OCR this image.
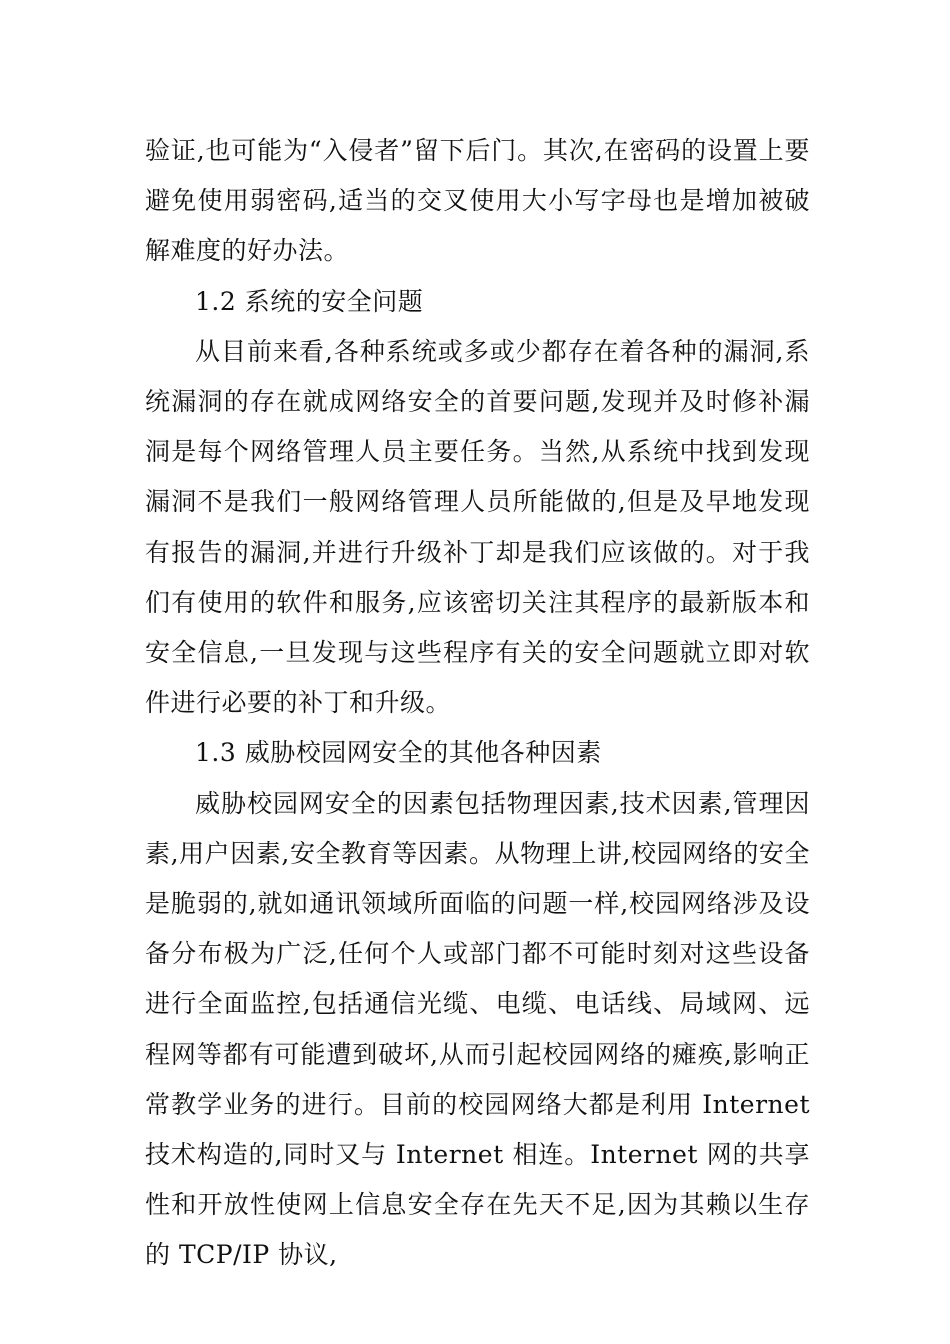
验证,也可能为“入侵者”留下后门。其次,在密码的设置上要避免使用弱密码,适当的交叉使用大小写字母也是增加被破解难度的好办法。

1.2 系统的安全问题

从目前来看,各种系统或多或少都存在着各种的漏洞,系统漏洞的存在就成网络安全的首要问题,发现并及时修补漏洞是每个网络管理人员主要任务。当然,从系统中找到发现漏洞不是我们一般网络管理人员所能做的,但是及早地发现有报告的漏洞,并进行升级补丁却是我们应该做的。对于我们有使用的软件和服务,应该密切关注其程序的最新版本和安全信息,一旦发现与这些程序有关的安全问题就立即对软件进行必要的补丁和升级。

1.3 威胁校园网安全的其他各种因素

威胁校园网安全的因素包括物理因素,技术因素,管理因素,用户因素,安全教育等因素。从物理上讲,校园网络的安全是脆弱的,就如通讯领域所面临的问题一样,校园网络涉及设备分布极为广泛,任何个人或部门都不可能时刻对这些设备进行全面监控,包括通信光缆、电缆、电话线、局域网、远程网等都有可能遭到破坏,从而引起校园网络的瘫痪,影响正常教学业务的进行。目前的校园网络大都是利用 Internet 技术构造的,同时又与 Internet 相连。Internet 网的共享性和开放性使网上信息安全存在先天不足,因为其赖以生存的 TCP/IP 协议,
